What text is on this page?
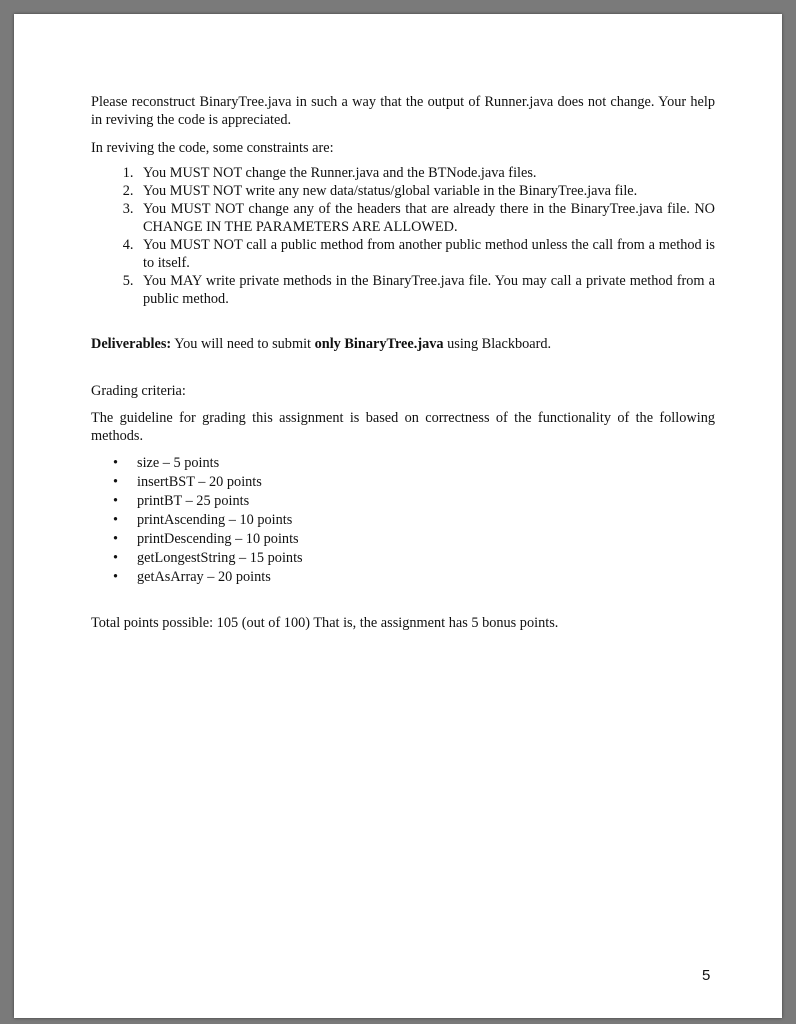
Please reconstruct BinaryTree.java in such a way that the output of Runner.java does not change. Your help in reviving the code is appreciated.

In reviving the code, some constraints are:

1. You MUST NOT change the Runner.java and the BTNode.java files.
2. You MUST NOT write any new data/status/global variable in the BinaryTree.java file.
3. You MUST NOT change any of the headers that are already there in the BinaryTree.java file. NO CHANGE IN THE PARAMETERS ARE ALLOWED.
4. You MUST NOT call a public method from another public method unless the call from a method is to itself.
5. You MAY write private methods in the BinaryTree.java file. You may call a private method from a public method.

Deliverables: You will need to submit only BinaryTree.java using Blackboard.

Grading criteria:

The guideline for grading this assignment is based on correctness of the functionality of the following methods.

• size – 5 points
• insertBST – 20 points
• printBT – 25 points
• printAscending – 10 points
• printDescending – 10 points
• getLongestString – 15 points
• getAsArray – 20 points

Total points possible: 105 (out of 100) That is, the assignment has 5 bonus points.

5
